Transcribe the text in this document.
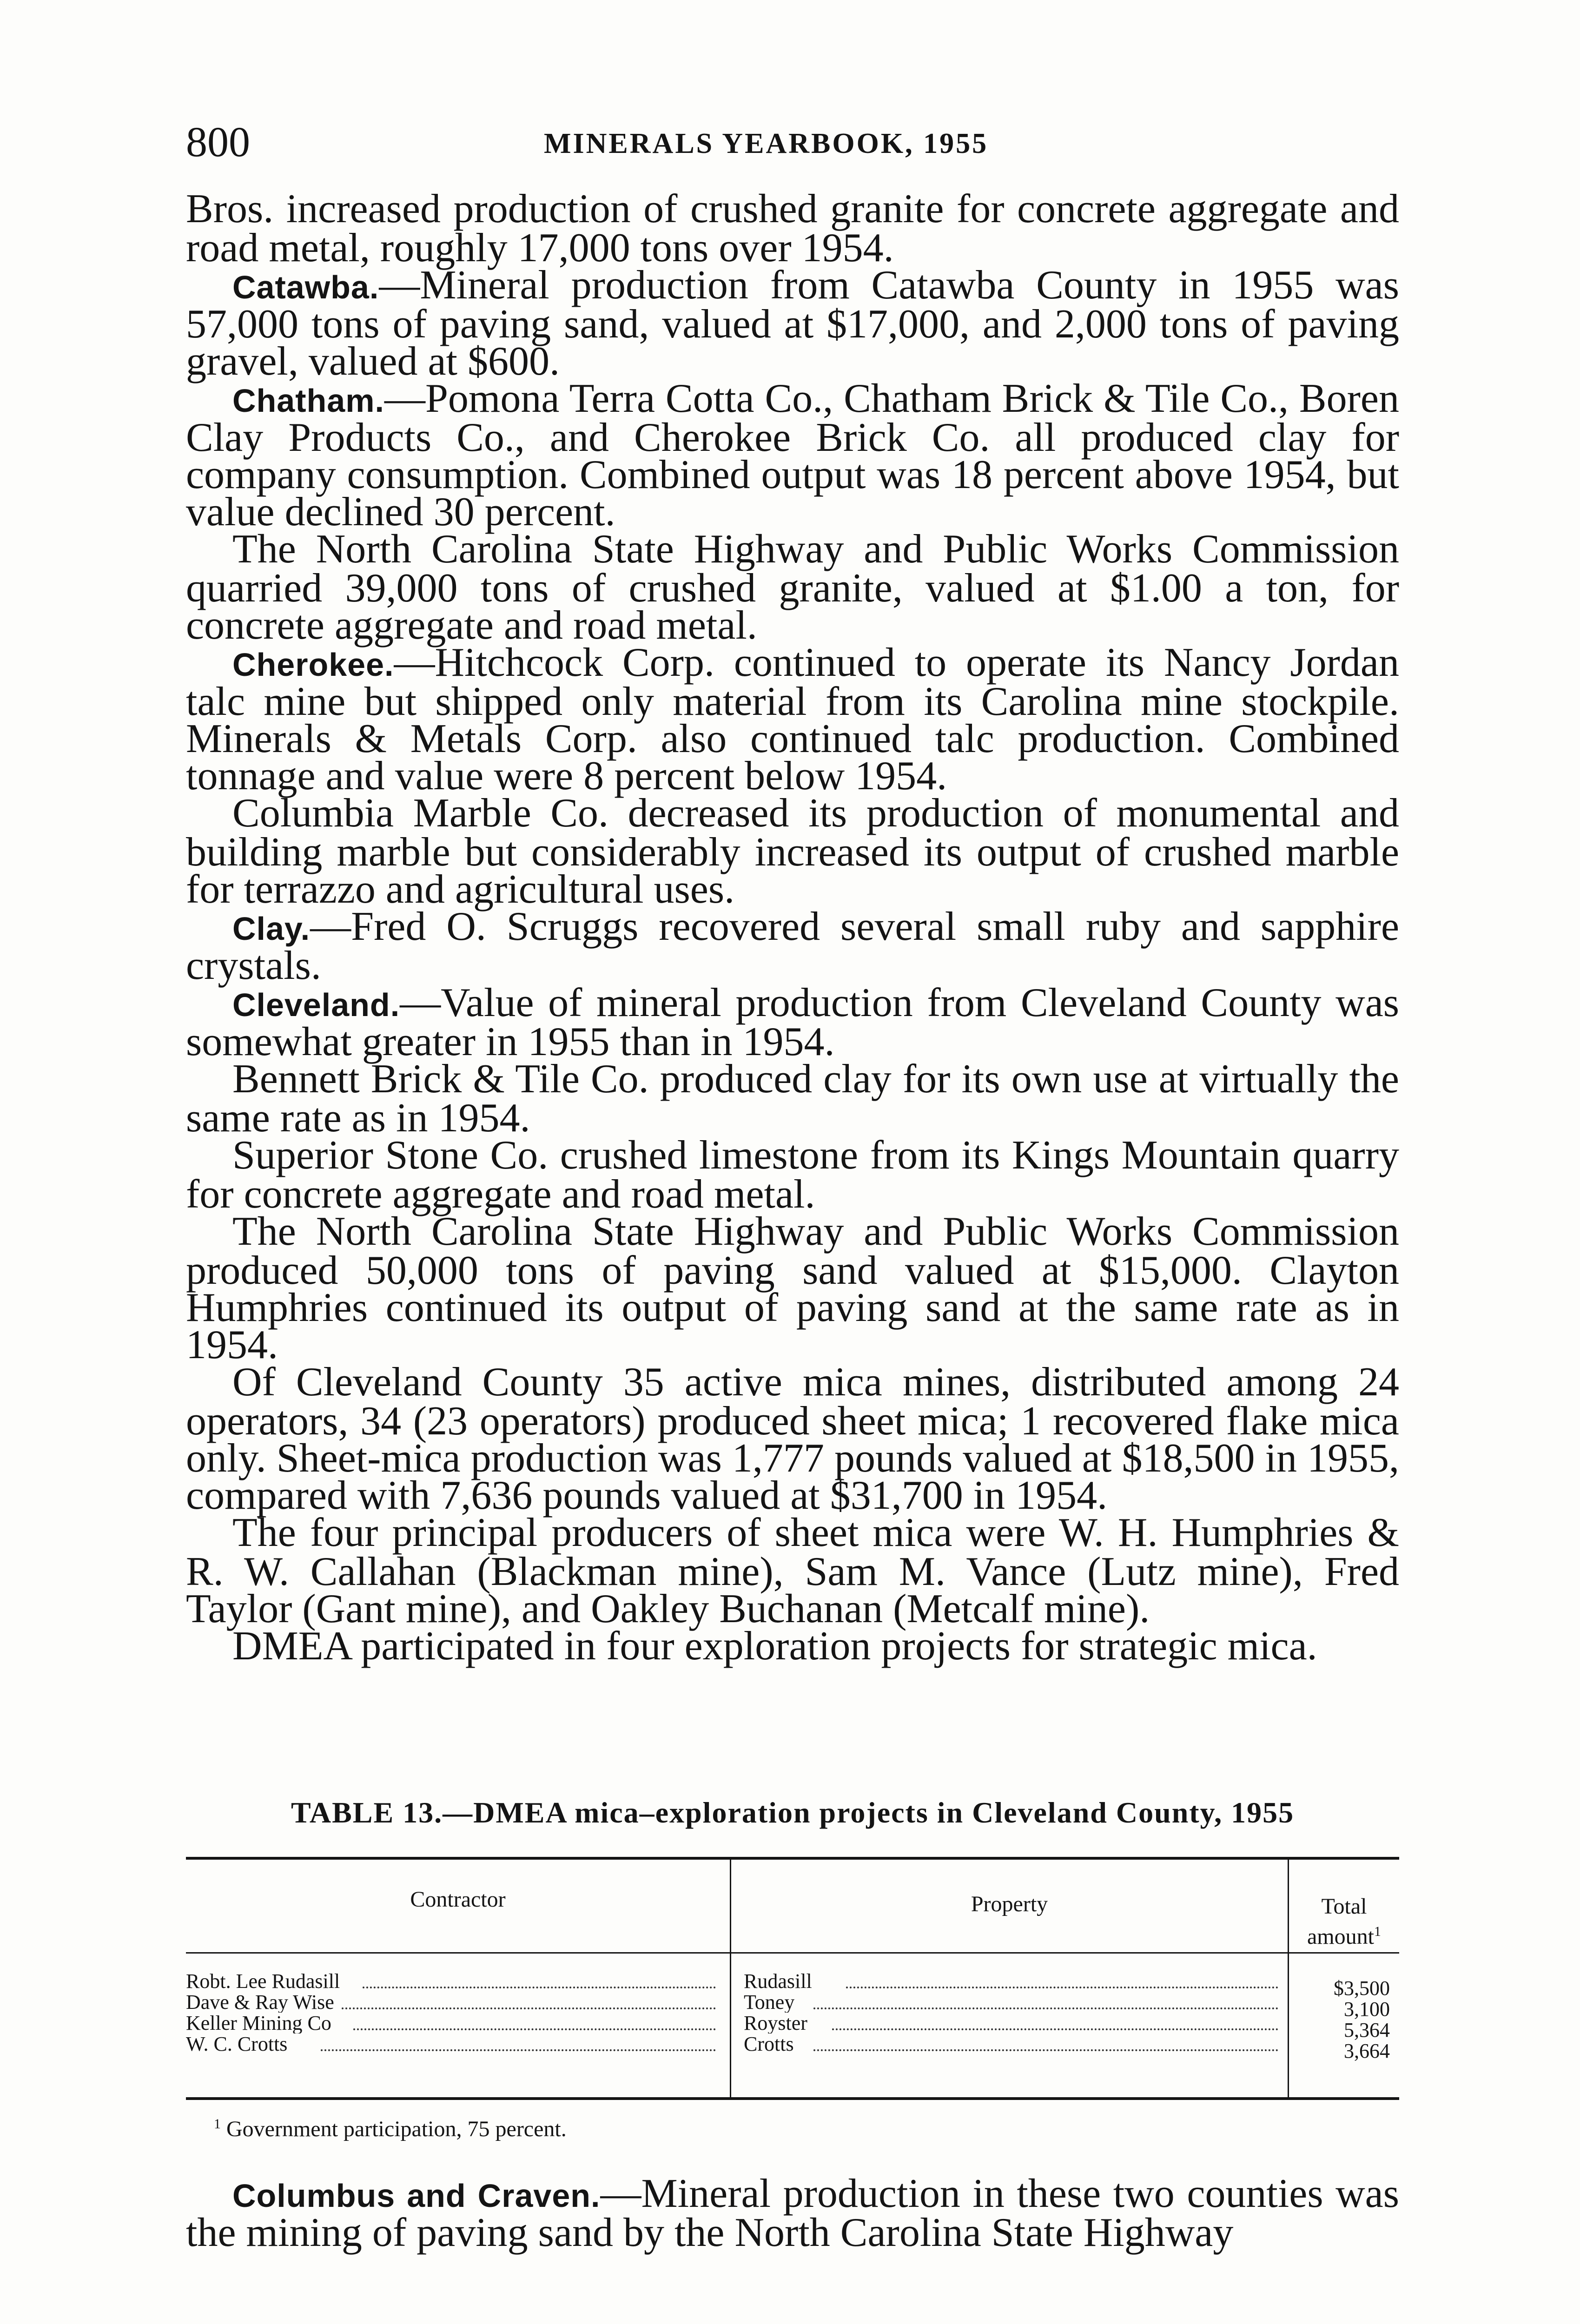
800	MINERALS YEARBOOK, 1955

Bros. increased production of crushed granite for concrete aggregate and road metal, roughly 17,000 tons over 1954.

Catawba.—Mineral production from Catawba County in 1955 was 57,000 tons of paving sand, valued at $17,000, and 2,000 tons of paving gravel, valued at $600.

Chatham.—Pomona Terra Cotta Co., Chatham Brick & Tile Co., Boren Clay Products Co., and Cherokee Brick Co. all produced clay for company consumption. Combined output was 18 percent above 1954, but value declined 30 percent.

The North Carolina State Highway and Public Works Commission quarried 39,000 tons of crushed granite, valued at $1.00 a ton, for concrete aggregate and road metal.

Cherokee.—Hitchcock Corp. continued to operate its Nancy Jordan talc mine but shipped only material from its Carolina mine stockpile. Minerals & Metals Corp. also continued talc production. Combined tonnage and value were 8 percent below 1954.

Columbia Marble Co. decreased its production of monumental and building marble but considerably increased its output of crushed marble for terrazzo and agricultural uses.

Clay.—Fred O. Scruggs recovered several small ruby and sapphire crystals.

Cleveland.—Value of mineral production from Cleveland County was somewhat greater in 1955 than in 1954.

Bennett Brick & Tile Co. produced clay for its own use at virtually the same rate as in 1954.

Superior Stone Co. crushed limestone from its Kings Mountain quarry for concrete aggregate and road metal.

The North Carolina State Highway and Public Works Commission produced 50,000 tons of paving sand valued at $15,000. Clayton Humphries continued its output of paving sand at the same rate as in 1954.

Of Cleveland County 35 active mica mines, distributed among 24 operators, 34 (23 operators) produced sheet mica; 1 recovered flake mica only. Sheet-mica production was 1,777 pounds valued at $18,500 in 1955, compared with 7,636 pounds valued at $31,700 in 1954.

The four principal producers of sheet mica were W. H. Humphries & R. W. Callahan (Blackman mine), Sam M. Vance (Lutz mine), Fred Taylor (Gant mine), and Oakley Buchanan (Metcalf mine).

DMEA participated in four exploration projects for strategic mica.

TABLE 13.—DMEA mica–exploration projects in Cleveland County, 1955

Contractor	Property	Total
amount$^1$
Robt. Lee Rudasill	Rudasill	$3,500
Dave & Ray Wise	Toney	3,100
Keller Mining Co	Royster	5,364
W. C. Crotts	Crotts	3,664
$^1$ Government participation, 75 percent.

Columbus and Craven.—Mineral production in these two counties was the mining of paving sand by the North Carolina State Highway
